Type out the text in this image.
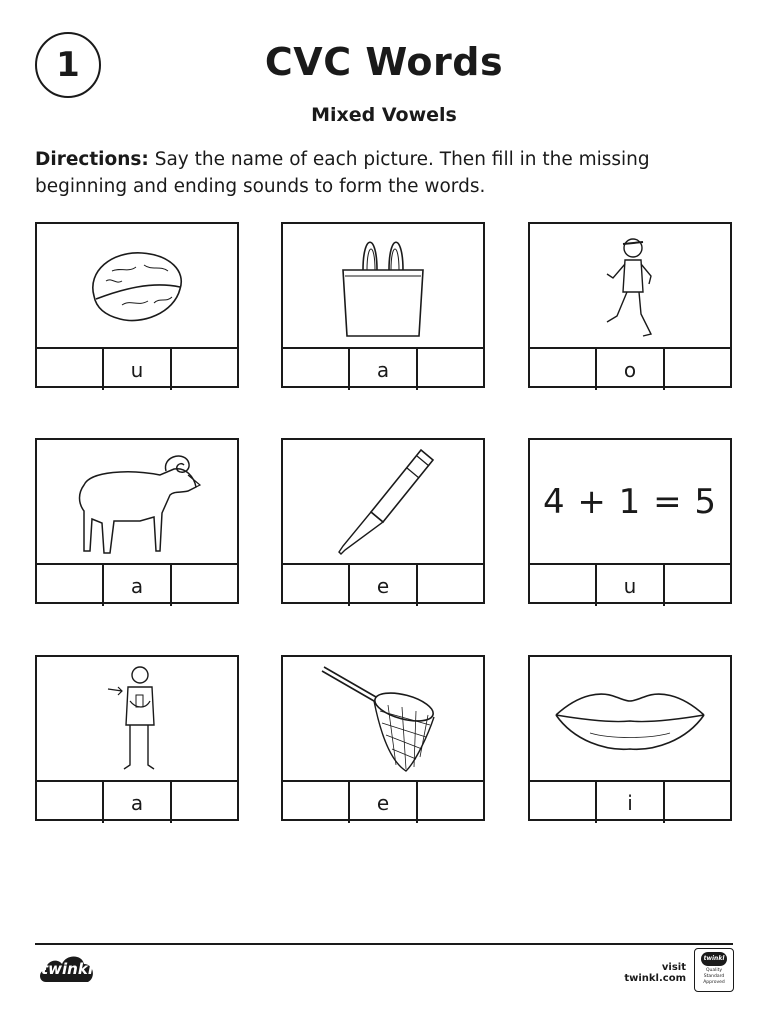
1	CVC Words
Mixed Vowels
Directions: Say the name of each picture. Then fill in the missing beginning and ending sounds to form the words.
u	a	o
a	e
4 + 1 = 5
u
a	e	i
twinkl	visit twinkl.com
twinkl
Quality Standard Approved
